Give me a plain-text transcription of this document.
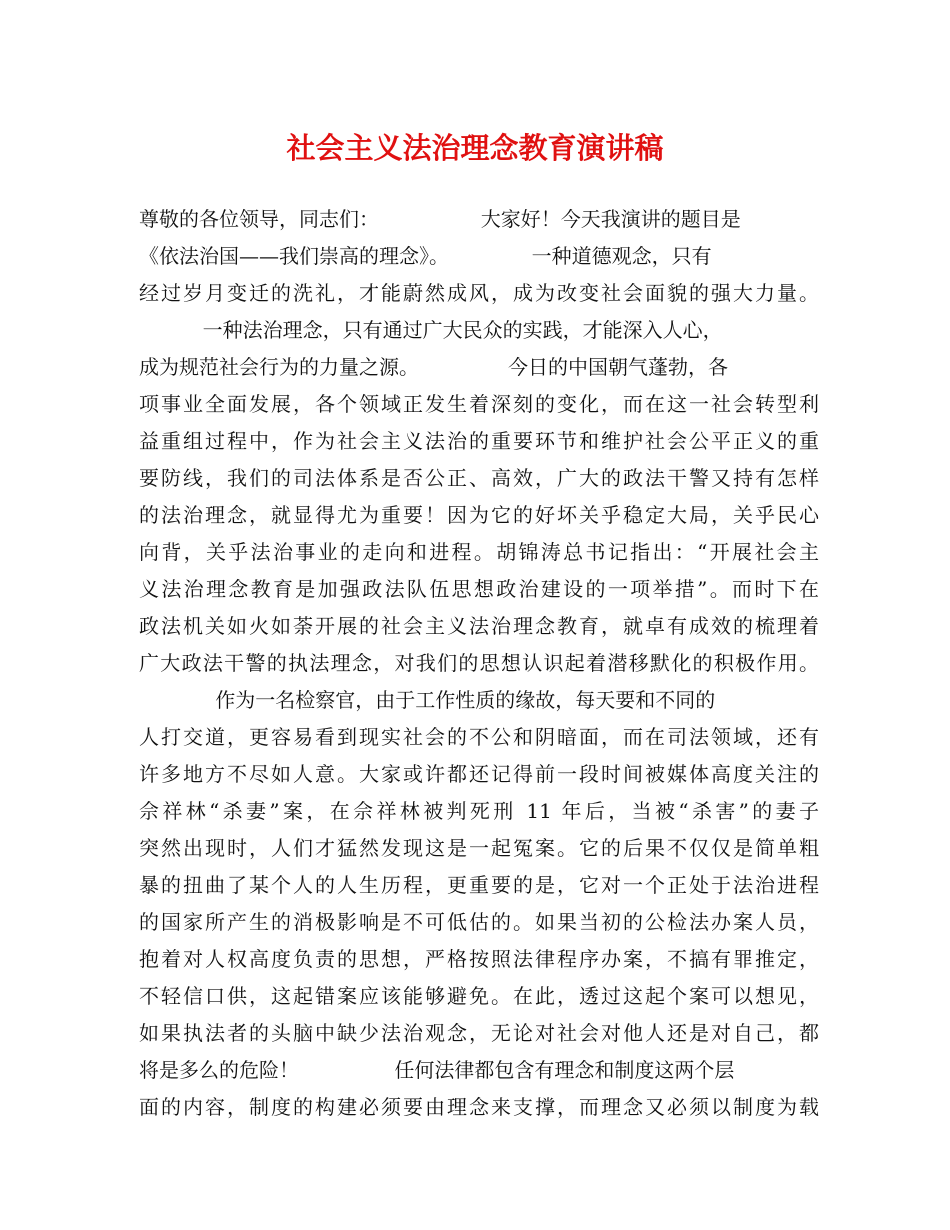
社会主义法治理念教育演讲稿
尊敬的各位领导，同志们：                大家好！今天我演讲的题目是
《依法治国——我们崇高的理念》。             一种道德观念，只有
经过岁月变迁的洗礼，才能蔚然成风，成为改变社会面貌的强大力量。
一种法治理念，只有通过广大民众的实践，才能深入人心，
成为规范社会行为的力量之源。              今日的中国朝气蓬勃，各
项事业全面发展，各个领域正发生着深刻的变化，而在这一社会转型利
益重组过程中，作为社会主义法治的重要环节和维护社会公平正义的重
要防线，我们的司法体系是否公正、高效，广大的政法干警又持有怎样
的法治理念，就显得尤为重要！因为它的好坏关乎稳定大局，关乎民心
向背，关乎法治事业的走向和进程。胡锦涛总书记指出：“开展社会主
义法治理念教育是加强政法队伍思想政治建设的一项举措”。而时下在
政法机关如火如荼开展的社会主义法治理念教育，就卓有成效的梳理着
广大政法干警的执法理念，对我们的思想认识起着潜移默化的积极作用。
作为一名检察官，由于工作性质的缘故，每天要和不同的
人打交道，更容易看到现实社会的不公和阴暗面，而在司法领域，还有
许多地方不尽如人意。大家或许都还记得前一段时间被媒体高度关注的
佘祥林“杀妻”案，在佘祥林被判死刑 11 年后，当被“杀害”的妻子
突然出现时，人们才猛然发现这是一起冤案。它的后果不仅仅是简单粗
暴的扭曲了某个人的人生历程，更重要的是，它对一个正处于法治进程
的国家所产生的消极影响是不可低估的。如果当初的公检法办案人员，
抱着对人权高度负责的思想，严格按照法律程序办案，不搞有罪推定，
不轻信口供，这起错案应该能够避免。在此，透过这起个案可以想见，
如果执法者的头脑中缺少法治观念，无论对社会对他人还是对自己，都
将是多么的危险！               任何法律都包含有理念和制度这两个层
面的内容，制度的构建必须要由理念来支撑，而理念又必须以制度为载
